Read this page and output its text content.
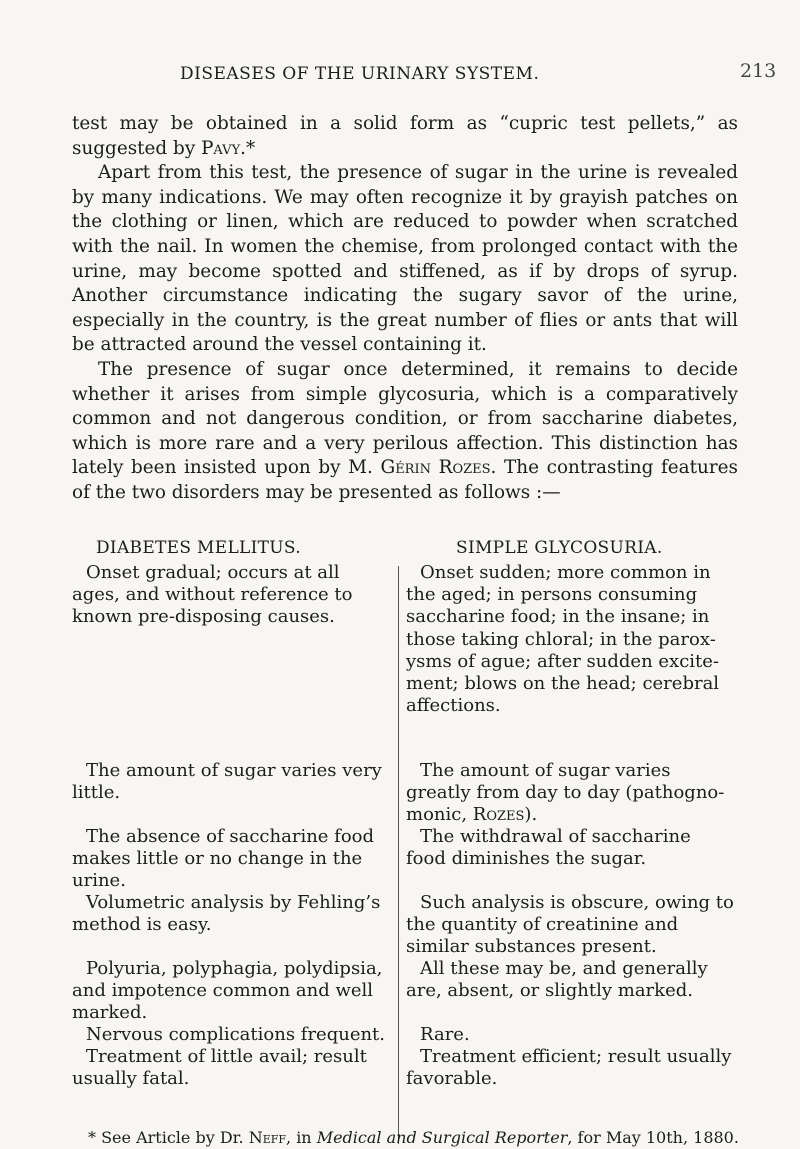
DISEASES OF THE URINARY SYSTEM.	213

test may be obtained in a solid form as “cupric test pellets,” as suggested by Pavy.*

Apart from this test, the presence of sugar in the urine is revealed by many indications. We may often recognize it by grayish patches on the clothing or linen, which are reduced to powder when scratched with the nail. In women the chemise, from prolonged contact with the urine, may become spotted and stiffened, as if by drops of syrup. Another circumstance indicating the sugary savor of the urine, especially in the country, is the great number of flies or ants that will be attracted around the vessel containing it.

The presence of sugar once determined, it remains to decide whether it arises from simple glycosuria, which is a comparatively common and not dangerous condition, or from saccharine diabetes, which is more rare and a very perilous affection. This distinction has lately been insisted upon by M. Gérin Rozes. The contrasting features of the two disorders may be presented as follows :—

DIABETES MELLITUS.	SIMPLE GLYCOSURIA.

Onset gradual; occurs at all ages, and without reference to known pre-disposing causes.

The amount of sugar varies very little.

The absence of saccharine food makes little or no change in the urine.

Volumetric analysis by Fehling’s method is easy.

Polyuria, polyphagia, polydipsia, and impotence common and well marked.

Nervous complications frequent.

Treatment of little avail; result usually fatal.

Onset sudden; more common in the aged; in persons consuming saccharine food; in the insane; in those taking chloral; in the parox-ysms of ague; after sudden excite-ment; blows on the head; cerebral affections.

The amount of sugar varies greatly from day to day (pathogno-monic, Rozes).

The withdrawal of saccharine food diminishes the sugar.

Such analysis is obscure, owing to the quantity of creatinine and similar substances present.

All these may be, and generally are, absent, or slightly marked.

Rare.

Treatment efficient; result usually favorable.

* See Article by Dr. Neff, in Medical and Surgical Reporter, for May 10th, 1880.
